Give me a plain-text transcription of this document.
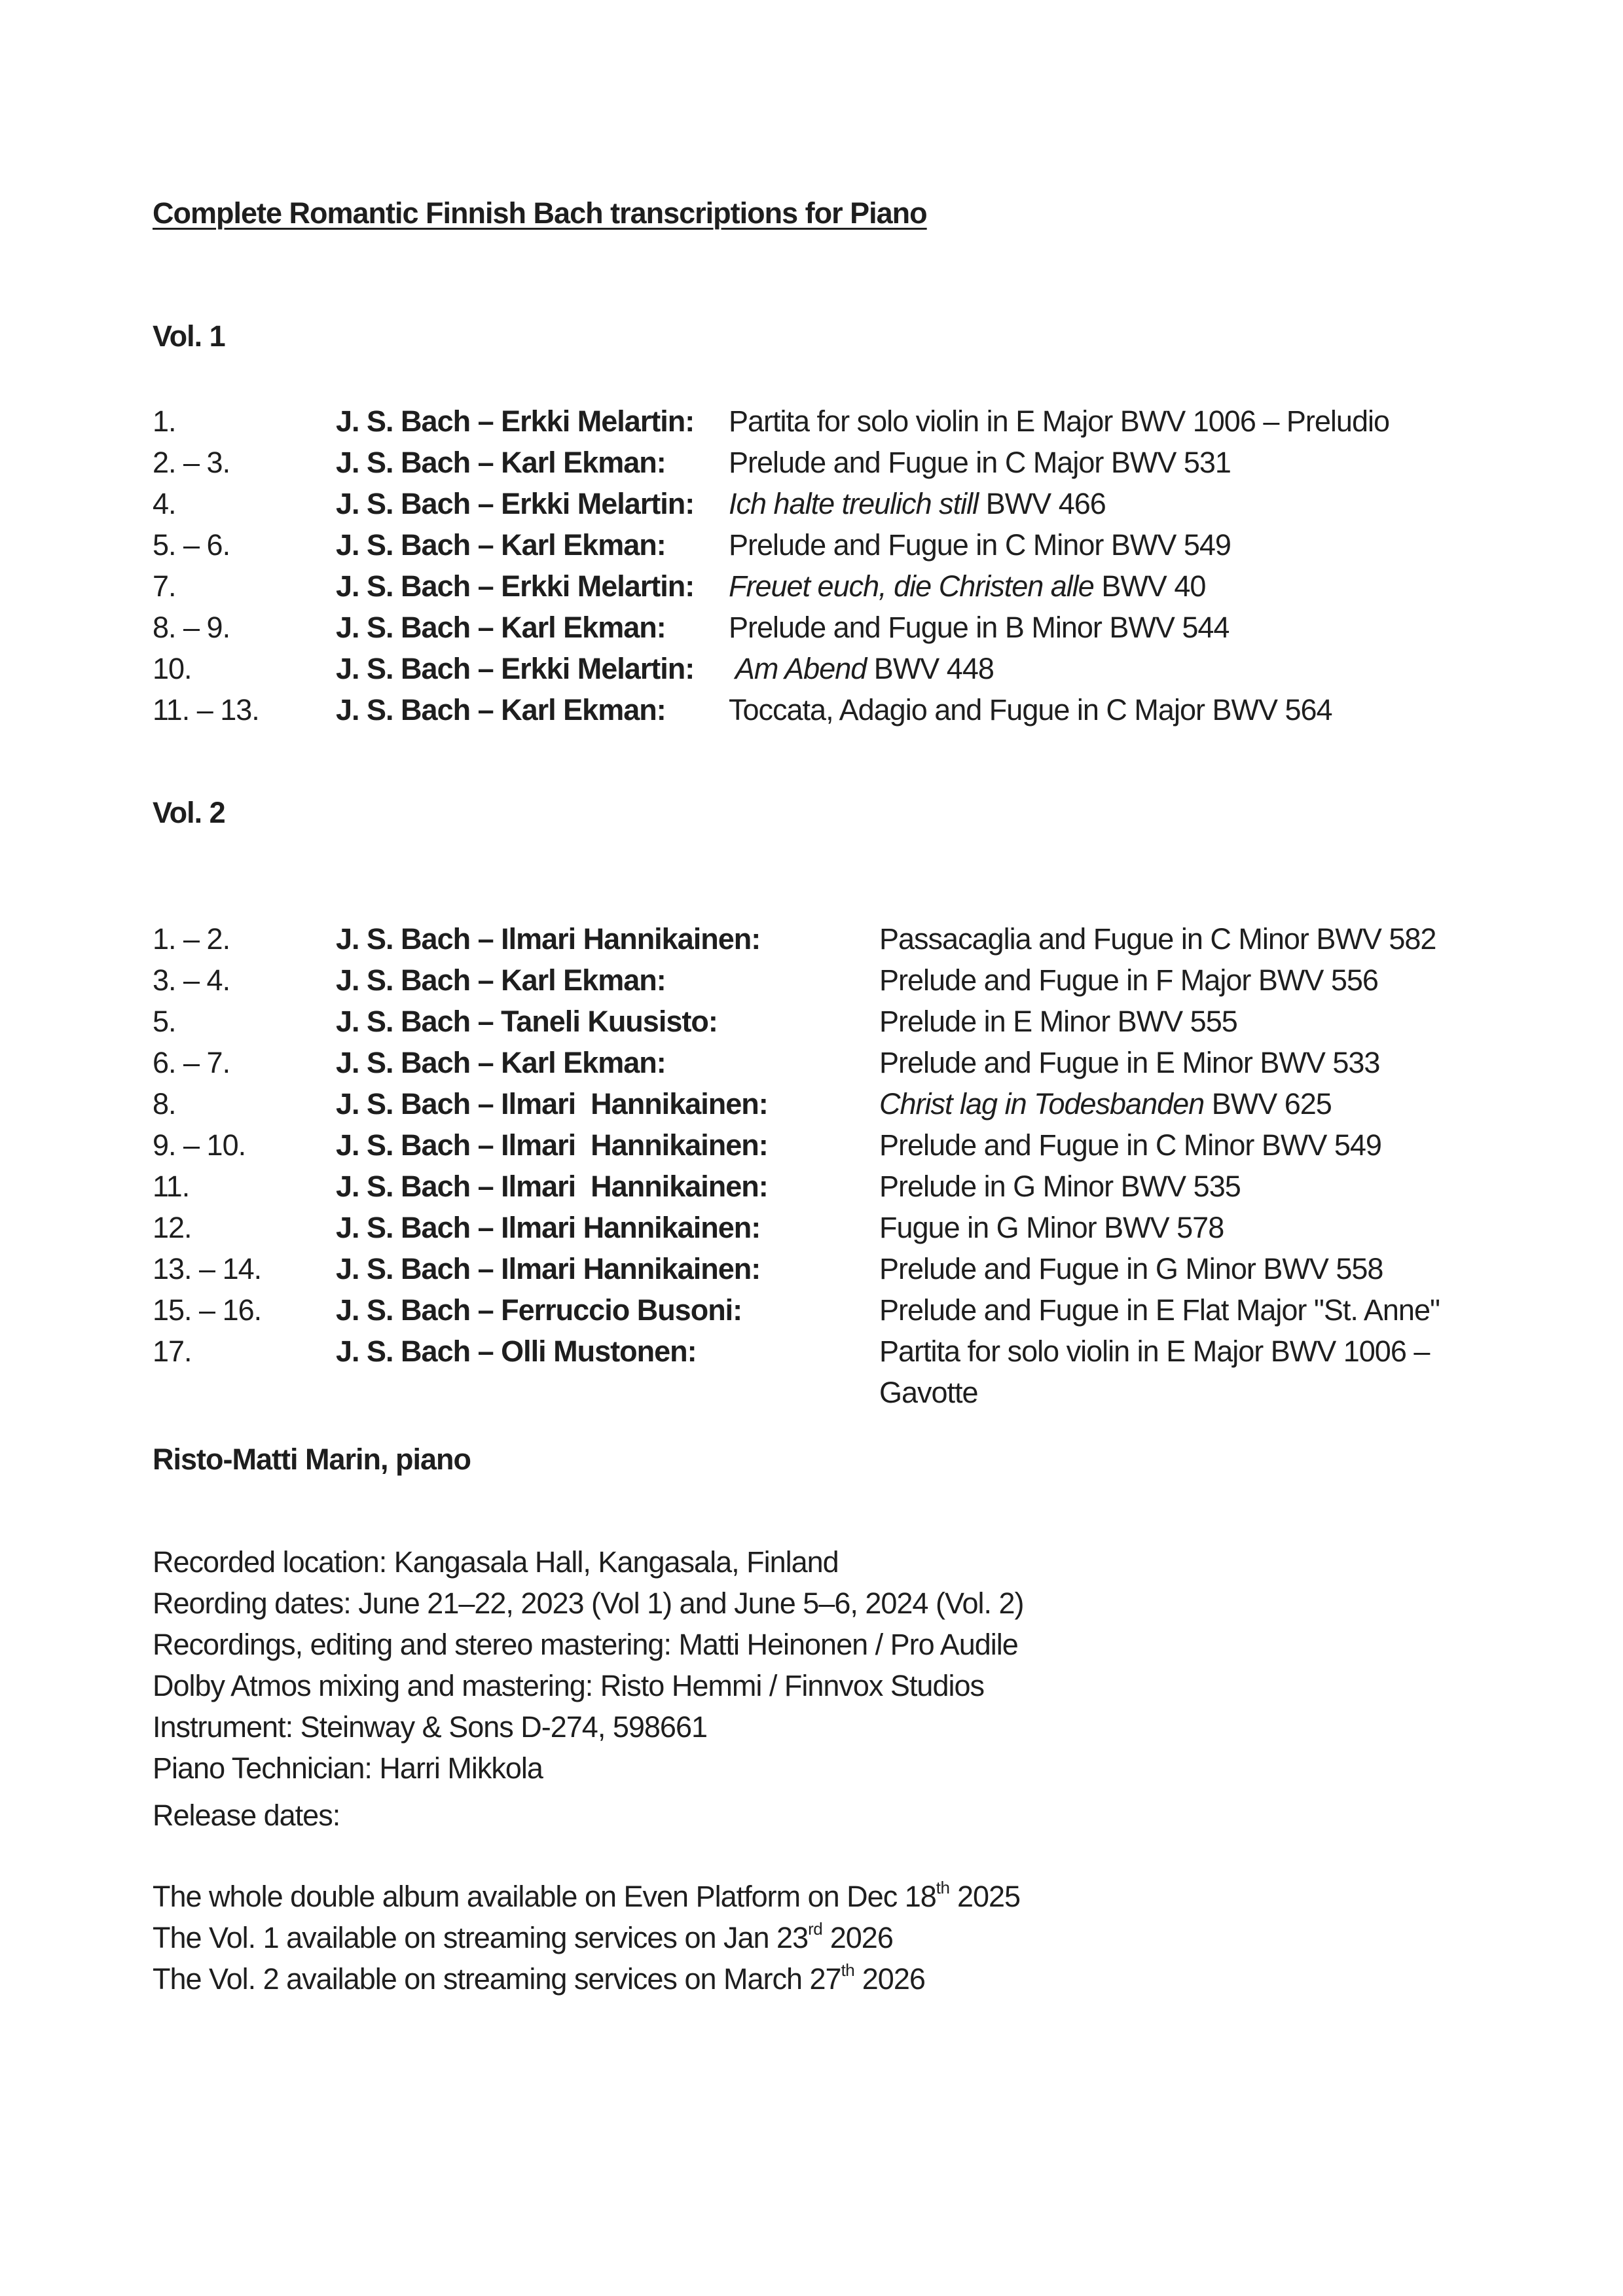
Complete Romantic Finnish Bach transcriptions for Piano
Vol. 1
1.	J. S. Bach – Erkki Melartin:	Partita for solo violin in E Major BWV 1006 – Preludio
2. – 3.	J. S. Bach – Karl Ekman:	Prelude and Fugue in C Major BWV 531
4.	J. S. Bach – Erkki Melartin:	Ich halte treulich still BWV 466
5. – 6.	J. S. Bach – Karl Ekman:	Prelude and Fugue in C Minor BWV 549
7.	J. S. Bach – Erkki Melartin:	Freuet euch, die Christen alle BWV 40
8. – 9.	J. S. Bach – Karl Ekman:	Prelude and Fugue in B Minor BWV 544
10.	J. S. Bach – Erkki Melartin:	Am Abend BWV 448
11. – 13.	J. S. Bach – Karl Ekman:	Toccata, Adagio and Fugue in C Major BWV 564
Vol. 2
1. – 2.	J. S. Bach – Ilmari Hannikainen:	Passacaglia and Fugue in C Minor BWV 582
3. – 4.	J. S. Bach – Karl Ekman:	Prelude and Fugue in F Major BWV 556
5.	J. S. Bach – Taneli Kuusisto:	Prelude in E Minor BWV 555
6. – 7.	J. S. Bach – Karl Ekman:	Prelude and Fugue in E Minor BWV 533
8.	J. S. Bach – Ilmari  Hannikainen:	Christ lag in Todesbanden BWV 625
9. – 10.	J. S. Bach – Ilmari  Hannikainen:	Prelude and Fugue in C Minor BWV 549
11.	J. S. Bach – Ilmari  Hannikainen:	Prelude in G Minor BWV 535
12.	J. S. Bach – Ilmari Hannikainen:	Fugue in G Minor BWV 578
13. – 14.	J. S. Bach – Ilmari Hannikainen:	Prelude and Fugue in G Minor BWV 558
15. – 16.	J. S. Bach – Ferruccio Busoni:	Prelude and Fugue in E Flat Major "St. Anne"
17.	J. S. Bach – Olli Mustonen:	Partita for solo violin in E Major BWV 1006 –
Gavotte
Risto-Matti Marin, piano
Recorded location: Kangasala Hall, Kangasala, Finland
Reording dates: June 21–22, 2023 (Vol 1) and June 5–6, 2024 (Vol. 2)
Recordings, editing and stereo mastering: Matti Heinonen / Pro Audile
Dolby Atmos mixing and mastering: Risto Hemmi / Finnvox Studios
Instrument: Steinway & Sons D-274, 598661
Piano Technician: Harri Mikkola
Release dates:
The whole double album available on Even Platform on Dec 18th 2025
The Vol. 1 available on streaming services on Jan 23rd 2026
The Vol. 2 available on streaming services on March 27th 2026
